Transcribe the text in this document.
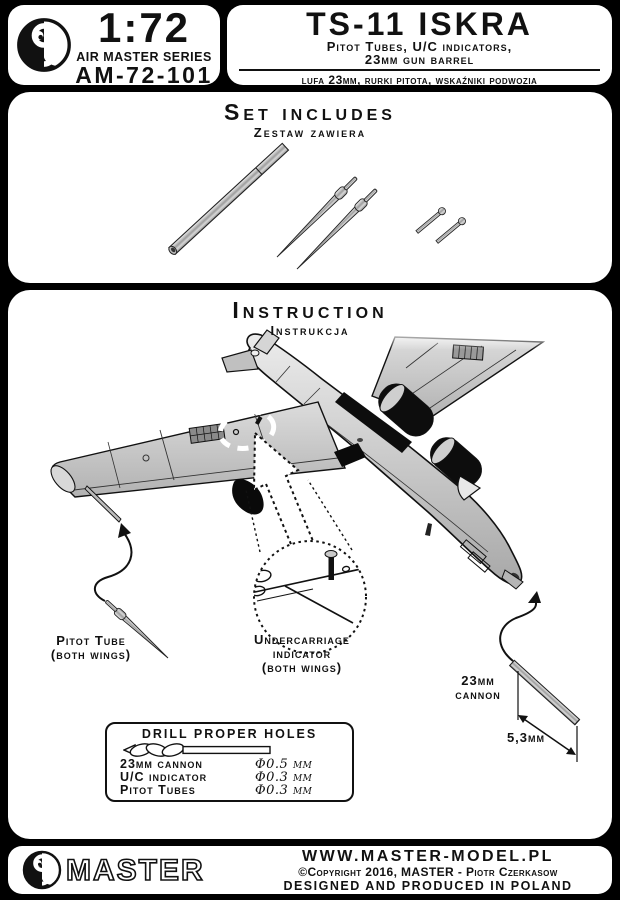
1:72
AIR MASTER SERIES
AM-72-101
TS-11 ISKRA
Pitot Tubes, U/C indicators,
23mm gun barrel
lufa 23mm, rurki pitota, wskaźniki podwozia
Set includes
Zestaw zawiera
Instruction
Instrukcja
Pitot Tube
(both wings)
Undercarriage
indicator
(both wings)
23mm
cannon
5,3mm
DRILL PROPER HOLES
23mm cannon	Φ0.5 mm
U/C indicator	Φ0.3 mm
Pitot Tubes	Φ0.3 mm
MASTER	WWW.MASTER-MODEL.PL
©Copyright 2016, MASTER - Piotr Czerkasow
DESIGNED AND PRODUCED IN POLAND
